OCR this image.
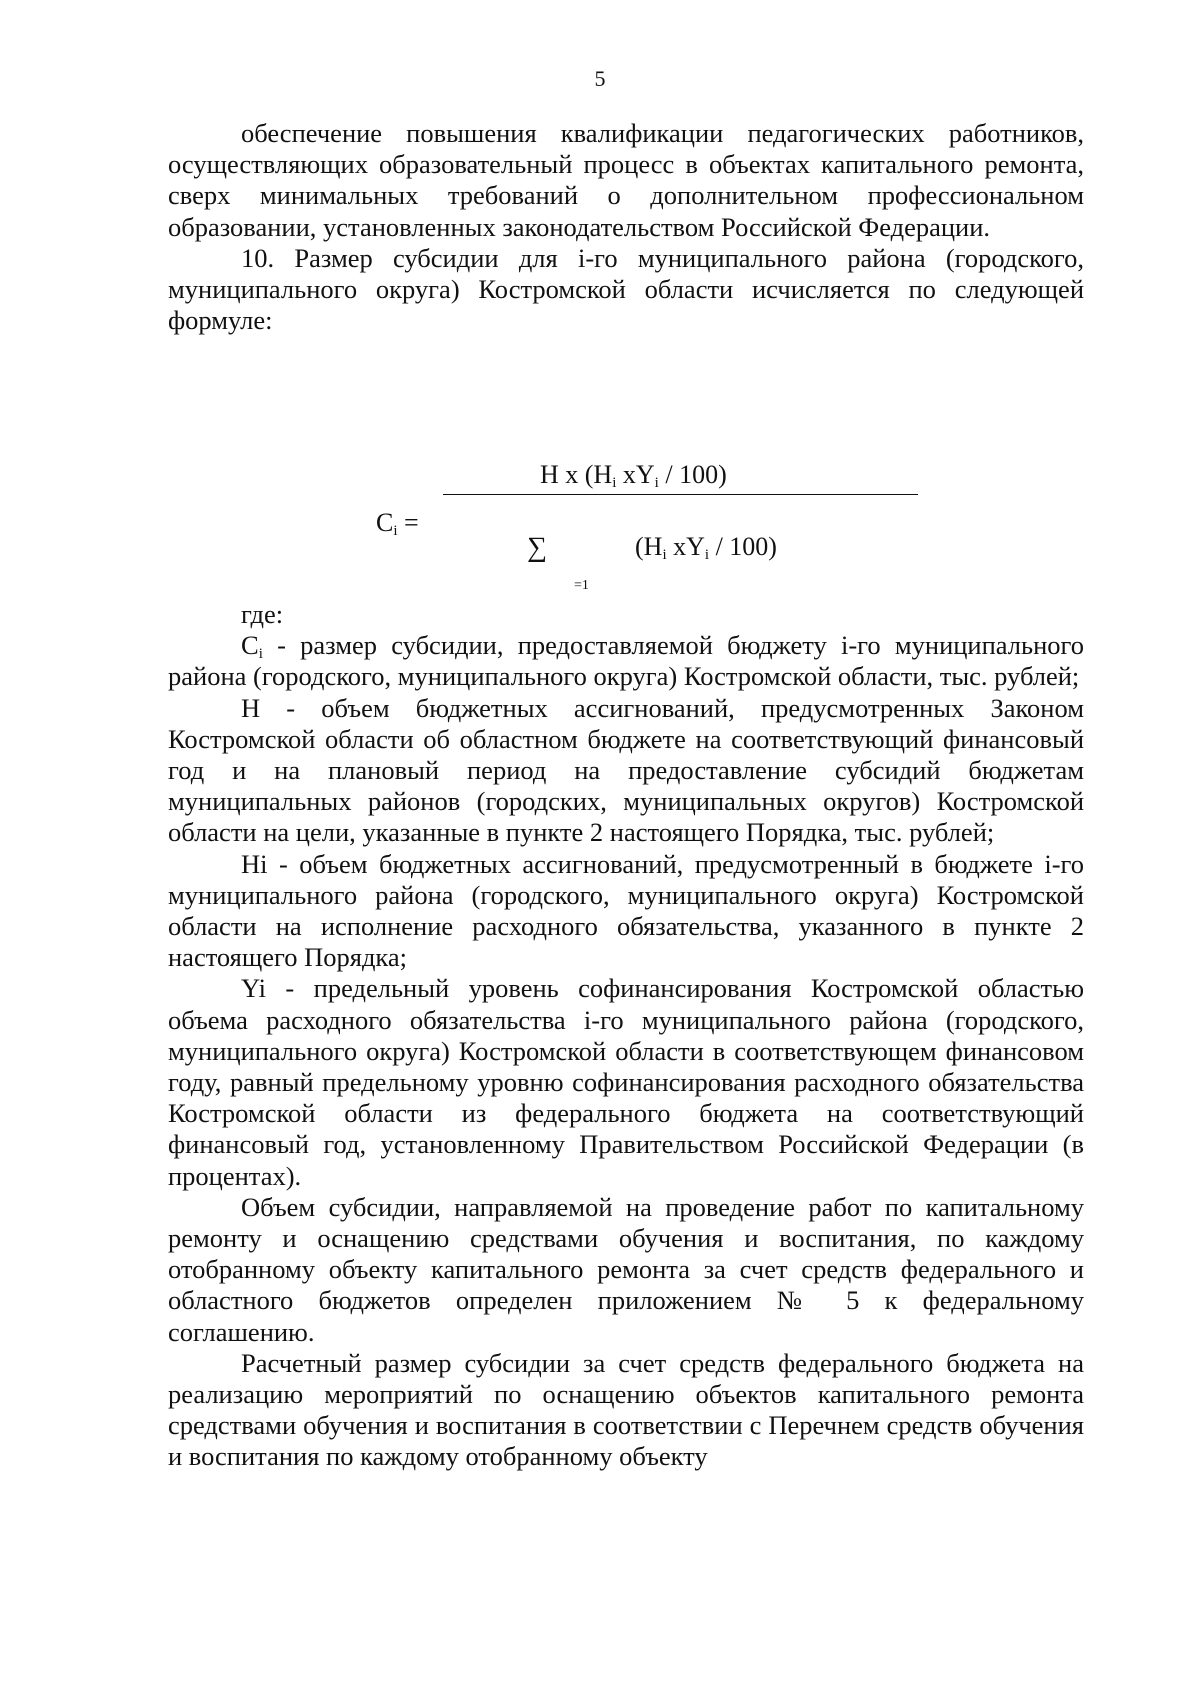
5

обеспечение повышения квалификации педагогических работников, осуществляющих образовательный процесс в объектах капитального ремонта, сверх минимальных требований о дополнительном профессиональном образовании, установленных законодательством Российской Федерации.

10. Размер субсидии для i-го муниципального района (городского, муниципального округа) Костромской области исчисляется по следующей формуле:

$C_i$ =
H x ($H_i$ $xY_i / 100$)
∑	($H_i$ $xY_i / 100$)
=1

где:

$C_i$ - размер субсидии, предоставляемой бюджету i-го муниципального района (городского, муниципального округа) Костромской области, тыс. рублей;

Н - объем бюджетных ассигнований, предусмотренных Законом Костромской области об областном бюджете на соответствующий финансовый год и на плановый период на предоставление субсидий бюджетам муниципальных районов (городских, муниципальных округов) Костромской области на цели, указанные в пункте 2 настоящего Порядка, тыс. рублей;

Нi - объем бюджетных ассигнований, предусмотренный в бюджете i-го муниципального района (городского, муниципального округа) Костромской области на исполнение расходного обязательства, указанного в пункте 2 настоящего Порядка;

Yi - предельный уровень софинансирования Костромской областью объема расходного обязательства i-го муниципального района (городского, муниципального округа) Костромской области в соответствующем финансовом году, равный предельному уровню софинансирования расходного обязательства Костромской области из федерального бюджета на соответствующий финансовый год, установленному Правительством Российской Федерации (в процентах).

Объем субсидии, направляемой на проведение работ по капитальному ремонту и оснащению средствами обучения и воспитания, по каждому отобранному объекту капитального ремонта за счет средств федерального и областного бюджетов определен приложением № 5 к федеральному соглашению.

Расчетный размер субсидии за счет средств федерального бюджета на реализацию мероприятий по оснащению объектов капитального ремонта средствами обучения и воспитания в соответствии с Перечнем средств обучения и воспитания по каждому отобранному объекту
